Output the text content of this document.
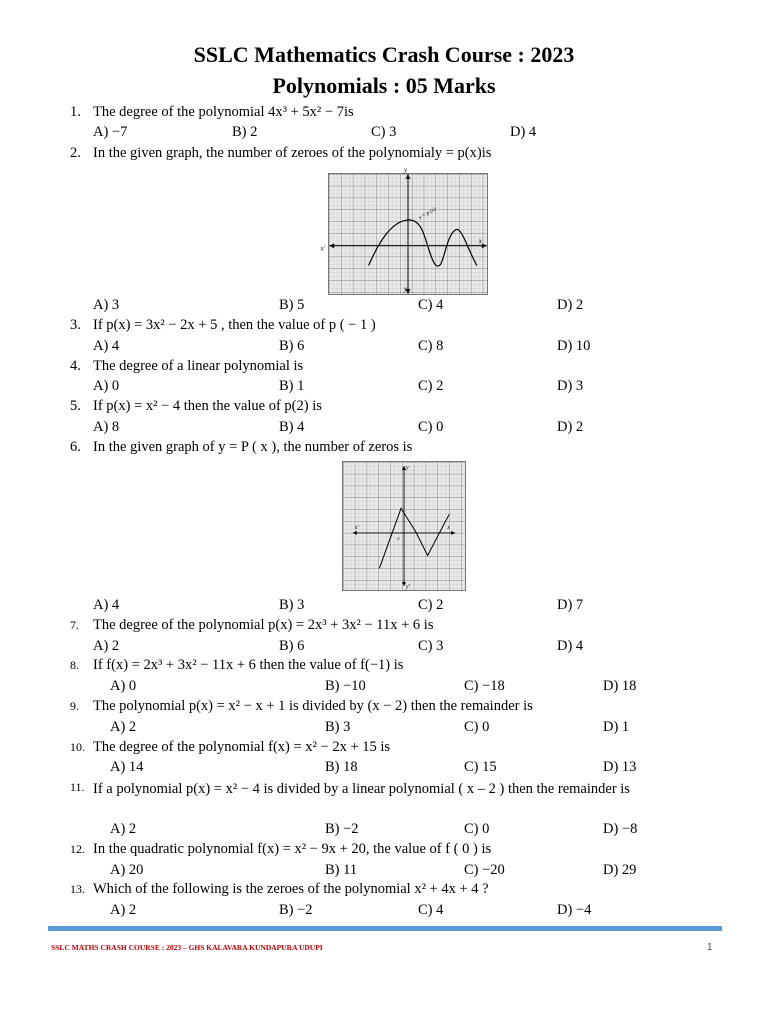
SSLC Mathematics Crash Course : 2023
Polynomials : 05 Marks
1. The degree of the polynomial 4x³ + 5x² − 7is
A) −7	B) 2	C) 3	D) 4
2. In the given graph, the number of zeroes of the polynomialy = p(x)is
y
x
x'
y'
y = p (x)
A) 3	B) 5	C) 4	D) 2
3. If p(x) = 3x² − 2x + 5 , then the value of p ( − 1 )
A) 4	B) 6	C) 8	D) 10
4. The degree of a linear polynomial is
A) 0	B) 1	C) 2	D) 3
5. If p(x) = x² − 4 then the value of p(2) is
A) 8	B) 4	C) 0	D) 2
6. In the given graph of y = P ( x ), the number of zeros is
y
x
x'
y'
o
A) 4	B) 3	C) 2	D) 7
7. The degree of the polynomial p(x) = 2x³ + 3x² − 11x + 6 is
A) 2	B) 6	C) 3	D) 4
8. If f(x) = 2x³ + 3x² − 11x + 6 then the value of f(−1) is
A) 0	B) −10	C) −18	D) 18
9. The polynomial p(x) = x² − x + 1 is divided by (x − 2) then the remainder is
A) 2	B) 3	C) 0	D) 1
10. The degree of the polynomial f(x) = x² − 2x + 15 is
A) 14	B) 18	C) 15	D) 13
11. If a polynomial p(x) = x² − 4 is divided by a linear polynomial ( x – 2 ) then the remainder is
A) 2	B) −2	C) 0	D) −8
12. In the quadratic polynomial f(x) = x² − 9x + 20, the value of f ( 0 ) is
A) 20	B) 11	C) −20	D) 29
13. Which of the following is the zeroes of the polynomial x² + 4x + 4 ?
A) 2	B) −2	C) 4	D) −4
SSLC MATHS CRASH COURSE : 2023 – GHS KALAVARA KUNDAPURA UDUPI	1
